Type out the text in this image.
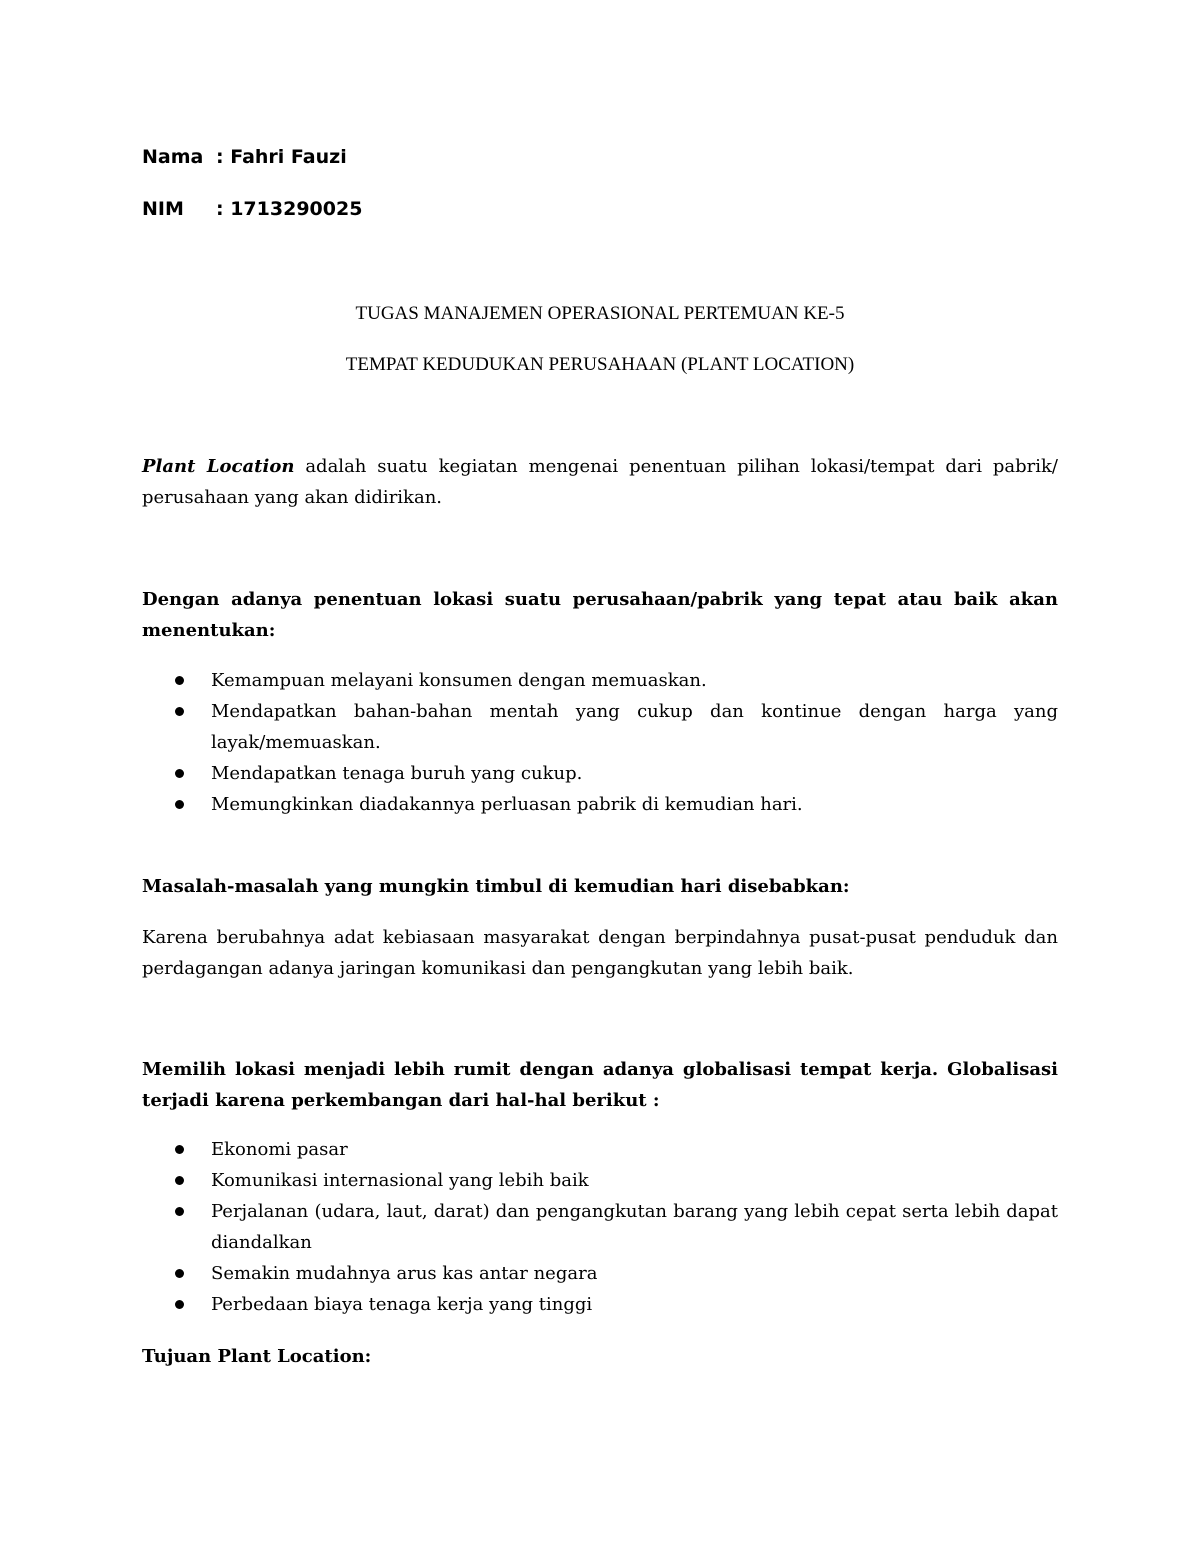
Nama : Fahri Fauzi
NIM : 1713290025
TUGAS MANAJEMEN OPERASIONAL PERTEMUAN KE-5
TEMPAT KEDUDUKAN PERUSAHAAN (PLANT LOCATION)

Plant Location adalah suatu kegiatan mengenai penentuan pilihan lokasi/tempat dari pabrik/ perusahaan yang akan didirikan.

Dengan adanya penentuan lokasi suatu perusahaan/pabrik yang tepat atau baik akan menentukan:

Kemampuan melayani konsumen dengan memuaskan.
Mendapatkan bahan-bahan mentah yang cukup dan kontinue dengan harga yang layak/memuaskan.
Mendapatkan tenaga buruh yang cukup.
Memungkinkan diadakannya perluasan pabrik di kemudian hari.

Masalah-masalah yang mungkin timbul di kemudian hari disebabkan:

Karena berubahnya adat kebiasaan masyarakat dengan berpindahnya pusat-pusat penduduk dan perdagangan adanya jaringan komunikasi dan pengangkutan yang lebih baik.

Memilih lokasi menjadi lebih rumit dengan adanya globalisasi tempat kerja. Globalisasi terjadi karena perkembangan dari hal-hal berikut :

Ekonomi pasar
Komunikasi internasional yang lebih baik
Perjalanan (udara, laut, darat) dan pengangkutan barang yang lebih cepat serta lebih dapat diandalkan
Semakin mudahnya arus kas antar negara
Perbedaan biaya tenaga kerja yang tinggi

Tujuan Plant Location:
